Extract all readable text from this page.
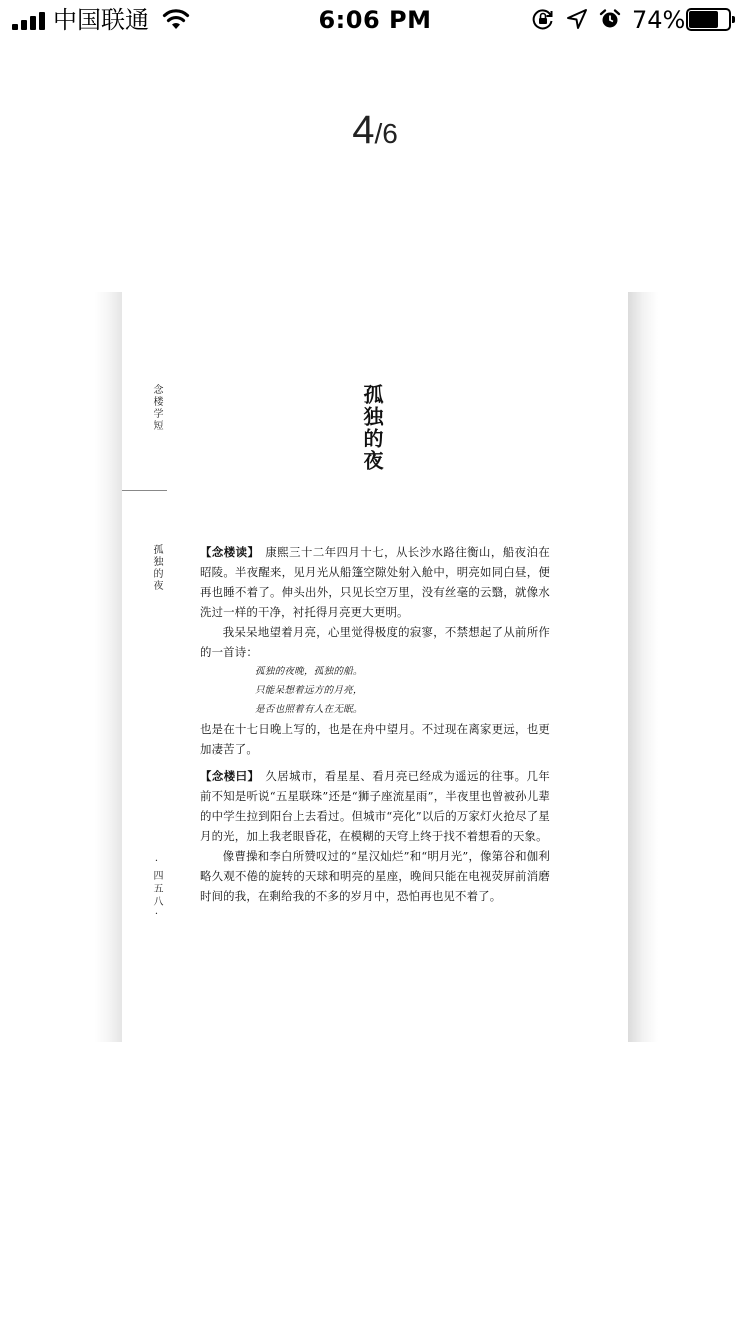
中国联通	6:06 PM	74%
4/6
念楼学短
孤独的夜
·四五八·
孤独的夜

【念楼读】 康熙三十二年四月十七，从长沙水路往衡山，船夜泊在昭陵。半夜醒来，见月光从船篷空隙处射入舱中，明亮如同白昼，便再也睡不着了。伸头出外，只见长空万里，没有丝毫的云翳，就像水洗过一样的干净，衬托得月亮更大更明。

我呆呆地望着月亮，心里觉得极度的寂寥，不禁想起了从前所作的一首诗：

孤独的夜晚，孤独的船。
只能呆想着远方的月亮，
是否也照着有人在无眠。

也是在十七日晚上写的，也是在舟中望月。不过现在离家更远，也更加凄苦了。

【念楼曰】 久居城市，看星星、看月亮已经成为遥远的往事。几年前不知是听说“五星联珠”还是“狮子座流星雨”，半夜里也曾被孙儿辈的中学生拉到阳台上去看过。但城市“亮化”以后的万家灯火抢尽了星月的光，加上我老眼昏花，在模糊的天穹上终于找不着想看的天象。

像曹操和李白所赞叹过的“星汉灿烂”和“明月光”，像第谷和伽利略久观不倦的旋转的天球和明亮的星座，晚间只能在电视荧屏前消磨时间的我，在剩给我的不多的岁月中，恐怕再也见不着了。
